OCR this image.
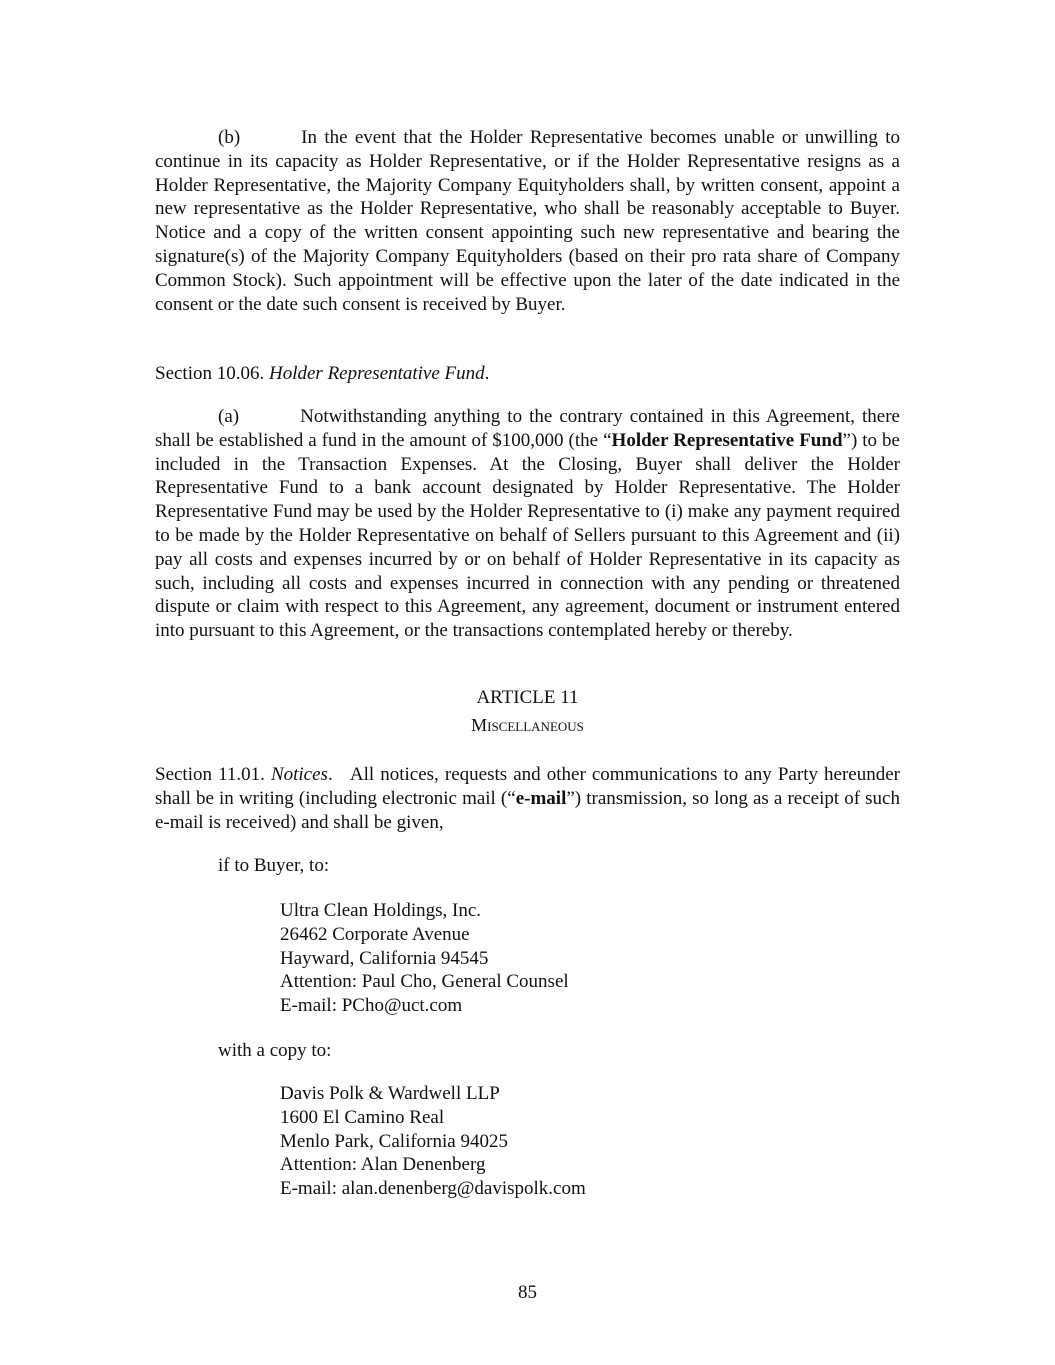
(b)	In the event that the Holder Representative becomes unable or unwilling to continue in its capacity as Holder Representative, or if the Holder Representative resigns as a Holder Representative, the Majority Company Equityholders shall, by written consent, appoint a new representative as the Holder Representative, who shall be reasonably acceptable to Buyer. Notice and a copy of the written consent appointing such new representative and bearing the signature(s) of the Majority Company Equityholders (based on their pro rata share of Company Common Stock). Such appointment will be effective upon the later of the date indicated in the consent or the date such consent is received by Buyer.

Section 10.06. Holder Representative Fund.

(a)	Notwithstanding anything to the contrary contained in this Agreement, there shall be established a fund in the amount of $100,000 (the “Holder Representative Fund”) to be included in the Transaction Expenses. At the Closing, Buyer shall deliver the Holder Representative Fund to a bank account designated by Holder Representative. The Holder Representative Fund may be used by the Holder Representative to (i) make any payment required to be made by the Holder Representative on behalf of Sellers pursuant to this Agreement and (ii) pay all costs and expenses incurred by or on behalf of Holder Representative in its capacity as such, including all costs and expenses incurred in connection with any pending or threatened dispute or claim with respect to this Agreement, any agreement, document or instrument entered into pursuant to this Agreement, or the transactions contemplated hereby or thereby.

ARTICLE 11
Miscellaneous

Section 11.01. Notices.   All notices, requests and other communications to any Party hereunder shall be in writing (including electronic mail (“e-mail”) transmission, so long as a receipt of such e-mail is received) and shall be given,

if to Buyer, to:
Ultra Clean Holdings, Inc.
26462 Corporate Avenue
Hayward, California 94545
Attention: Paul Cho, General Counsel
E-mail: PCho@uct.com
with a copy to:
Davis Polk & Wardwell LLP
1600 El Camino Real
Menlo Park, California 94025
Attention: Alan Denenberg
E-mail: alan.denenberg@davispolk.com
85
